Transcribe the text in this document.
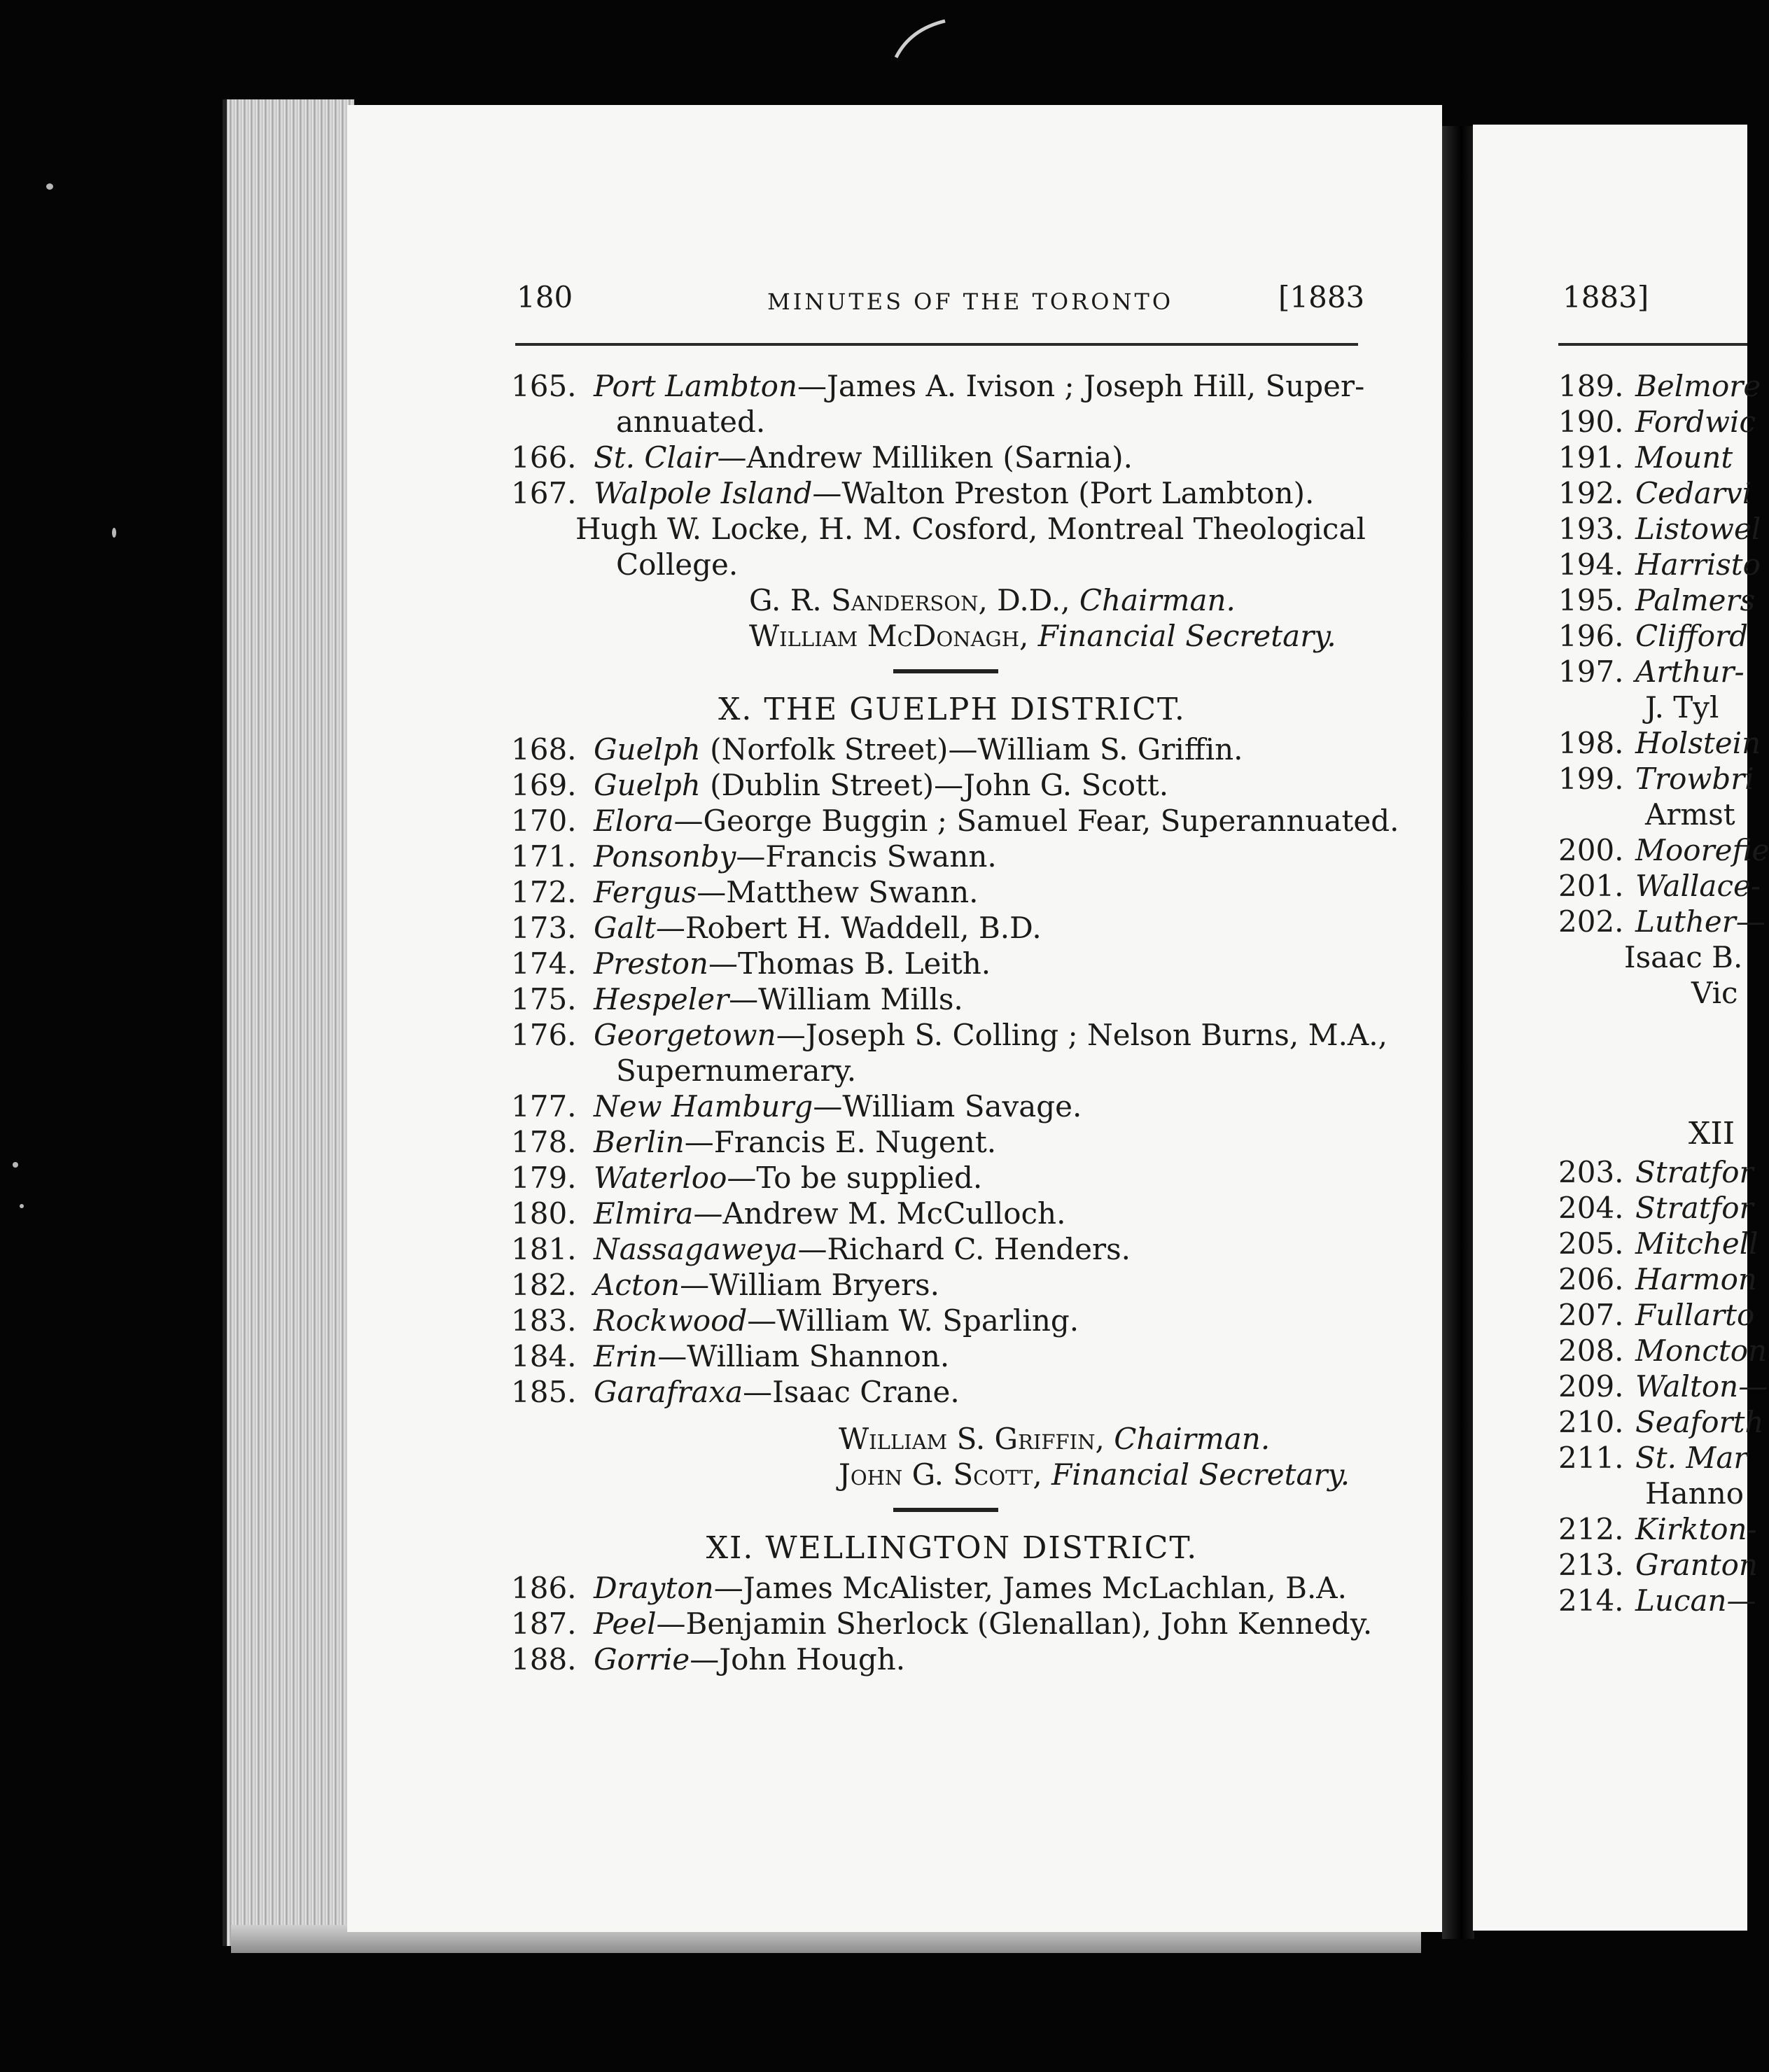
180	MINUTES OF THE TORONTO	[1883
165. Port Lambton—James A. Ivison ; Joseph Hill, Super-
annuated.
166. St. Clair—Andrew Milliken (Sarnia).
167. Walpole Island—Walton Preston (Port Lambton).
Hugh W. Locke, H. M. Cosford, Montreal Theological
College.
G. R. Sanderson, D.D., Chairman.
William McDonagh, Financial Secretary.
X. THE GUELPH DISTRICT.
168. Guelph (Norfolk Street)—William S. Griffin.
169. Guelph (Dublin Street)—John G. Scott.
170. Elora—George Buggin ; Samuel Fear, Superannuated.
171. Ponsonby—Francis Swann.
172. Fergus—Matthew Swann.
173. Galt—Robert H. Waddell, B.D.
174. Preston—Thomas B. Leith.
175. Hespeler—William Mills.
176. Georgetown—Joseph S. Colling ; Nelson Burns, M.A.,
Supernumerary.
177. New Hamburg—William Savage.
178. Berlin—Francis E. Nugent.
179. Waterloo—To be supplied.
180. Elmira—Andrew M. McCulloch.
181. Nassagaweya—Richard C. Henders.
182. Acton—William Bryers.
183. Rockwood—William W. Sparling.
184. Erin—William Shannon.
185. Garafraxa—Isaac Crane.
William S. Griffin, Chairman.
John G. Scott, Financial Secretary.
XI. WELLINGTON DISTRICT.
186. Drayton—James McAlister, James McLachlan, B.A.
187. Peel—Benjamin Sherlock (Glenallan), John Kennedy.
188. Gorrie—John Hough.
1883]
189. Belmore
190. Fordwic
191. Mount
192. Cedarvi
193. Listowel
194. Harristo
195. Palmers
196. Clifford
197. Arthur-
J. Tyl
198. Holstein
199. Trowbri
Armst
200. Moorefie
201. Wallace-
202. Luther—
Isaac B.
Vic
XII
203. Stratfor
204. Stratfor
205. Mitchell
206. Harmon
207. Fullarto
208. Moncton
209. Walton—
210. Seaforth
211. St. Mar
Hanno
212. Kirkton-
213. Granton
214. Lucan—
